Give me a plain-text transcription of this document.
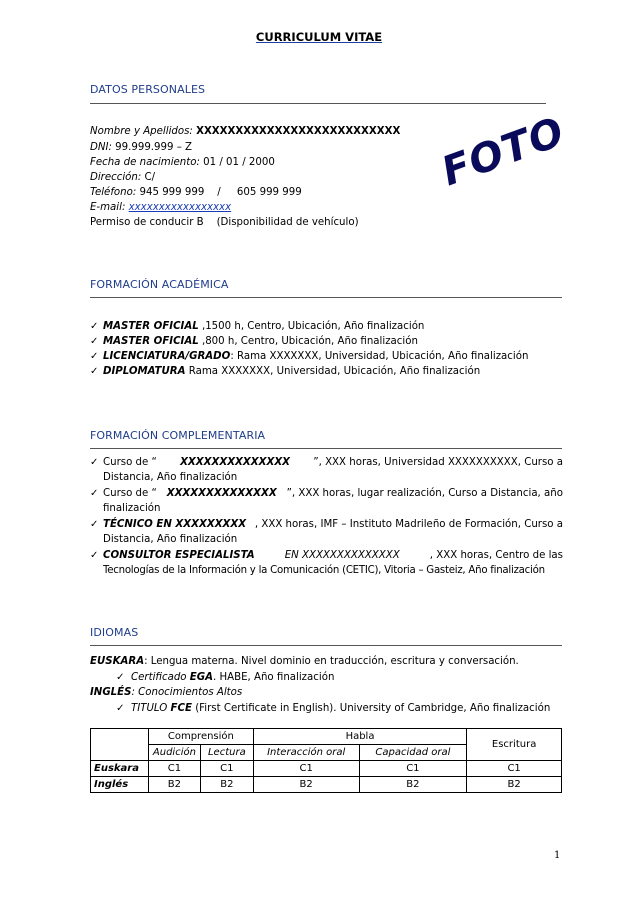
CURRICULUM VITAE
DATOS PERSONALES
Nombre y Apellidos: XXXXXXXXXXXXXXXXXXXXXXXXXX
DNI: 99.999.999 – Z
Fecha de nacimiento: 01 / 01 / 2000
Dirección: C/
Teléfono: 945 999 999    /     605 999 999
E-mail: xxxxxxxxxxxxxxxxx
Permiso de conducir B    (Disponibilidad de vehículo)
FOTO
FORMACIÓN ACADÉMICA
✓ MASTER OFICIAL ,1500 h, Centro, Ubicación, Año finalización
✓ MASTER OFICIAL ,800 h, Centro, Ubicación, Año finalización
✓ LICENCIATURA/GRADO: Rama XXXXXXX, Universidad, Ubicación, Año finalización
✓ DIPLOMATURA Rama XXXXXXX, Universidad, Ubicación, Año finalización
FORMACIÓN COMPLEMENTARIA
✓ Curso de “ XXXXXXXXXXXXXX ”, XXX horas, Universidad XXXXXXXXXX, Curso a
Distancia, Año finalización
✓ Curso de “ XXXXXXXXXXXXXX ”, XXX horas, lugar realización, Curso a Distancia, año
finalización
✓ TÉCNICO EN XXXXXXXXX , XXX horas, IMF – Instituto Madrileño de Formación, Curso a
Distancia, Año finalización
✓ CONSULTOR ESPECIALISTA	EN XXXXXXXXXXXXXX	, XXX horas, Centro de las
Tecnologías de la Información y la Comunicación (CETIC), Vitoria – Gasteiz, Año finalización
IDIOMAS
EUSKARA: Lengua materna. Nivel dominio en traducción, escritura y conversación.
✓  Certificado EGA. HABE, Año finalización
INGLÉS: Conocimientos Altos
✓  TITULO FCE (First Certificate in English). University of Cambridge, Año finalización
	Comprensión		Habla		Escritura
	Audición	Lectura	Interacción oral	Capacidad oral	
Euskara	C1	C1	C1	C1	C1
Inglés	B2	B2	B2	B2	B2
1
